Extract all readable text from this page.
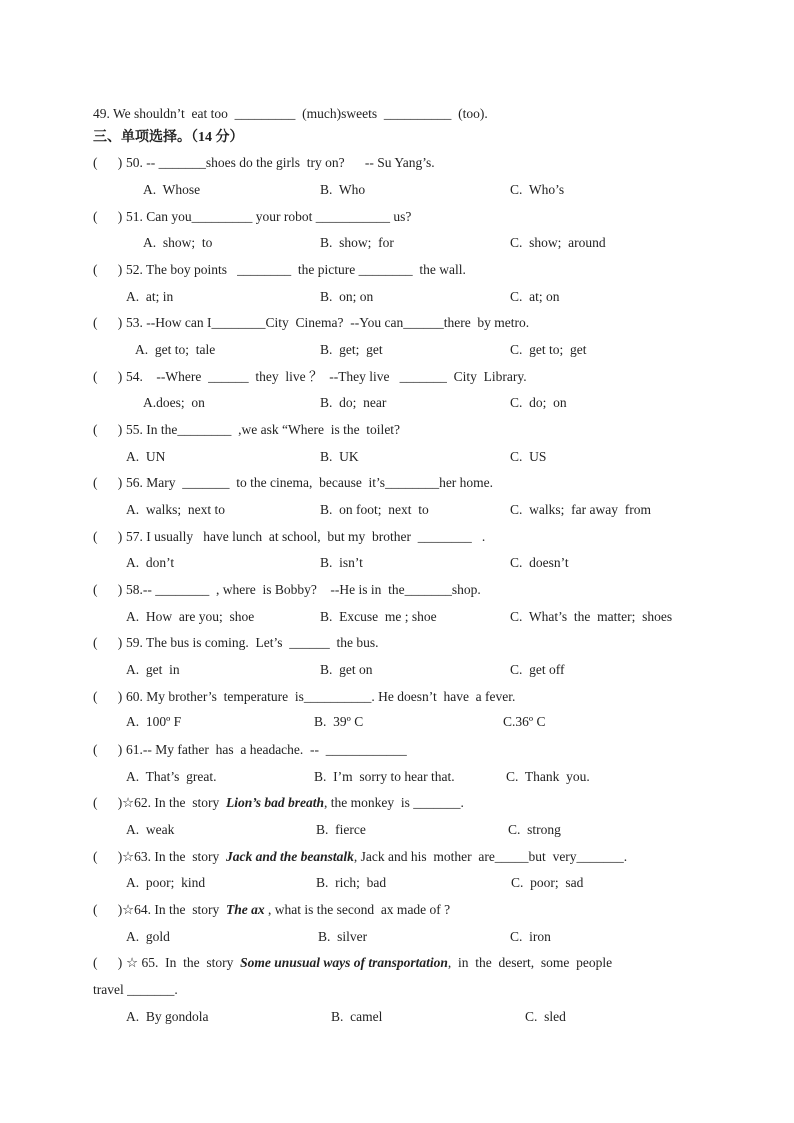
49. We shouldn’t  eat too  _________  (much)sweets  __________  (too).
三、单项选择。（14 分）
(      ) 50. -- _______shoes do the girls  try on?      -- Su Yang’s.
A.  Whose	B.  Who	C.  Who’s
(      ) 51. Can you_________ your robot ___________ us?
A.  show;  to	B.  show;  for	C.  show;  around
(      ) 52. The boy points   ________  the picture ________  the wall.
A.  at; in	B.  on; on	C.  at; on
(      ) 53. --How can I________City  Cinema?  --You can______there  by metro.
A.  get to;  tale	B.  get;  get	C.  get to;  get
(      ) 54.    --Where  ______  they  live ？  --They live   _______  City  Library.
A.does;  on	B.  do;  near	C.  do;  on
(      ) 55. In the________  ,we ask “Where  is the  toilet?
A.  UN	B.  UK	C.  US
(      ) 56. Mary  _______  to the cinema,  because  it’s________her home.
A.  walks;  next to	B.  on foot;  next  to	C.  walks;  far away  from
(      ) 57. I usually   have lunch  at school,  but my  brother  ________   .
A.  don’t	B.  isn’t	C.  doesn’t
(      ) 58.-- ________  , where  is Bobby?    --He is in  the_______shop.
A.  How  are you;  shoe	B.  Excuse  me ; shoe	C.  What’s  the  matter;  shoes
(      ) 59. The bus is coming.  Let’s  ______  the bus.
A.  get  in	B.  get on	C.  get off
(      ) 60. My brother’s  temperature  is__________. He doesn’t  have  a fever.
A.  100º F	B.  39º C	C.36º C
(      ) 61.-- My father  has  a headache.  --  ____________
A.  That’s  great.	B.  I’m  sorry to hear that.	C.  Thank  you.
(      ) ☆62. In the  story  Lion’s bad breath, the monkey  is _______.
A.  weak	B.  fierce	C.  strong
(      ) ☆63. In the  story  Jack and the beanstalk, Jack and his  mother  are_____but  very_______.
A.  poor;  kind	B.  rich;  bad	C.  poor;  sad
(      ) ☆64. In the  story  The ax , what is the second  ax made of ?
A.  gold	B.  silver	C.  iron
(      ) ☆ 65.  In  the  story  Some unusual ways of transportation,  in  the  desert,  some  people
travel _______.
A.  By gondola	B.  camel	C.  sled
